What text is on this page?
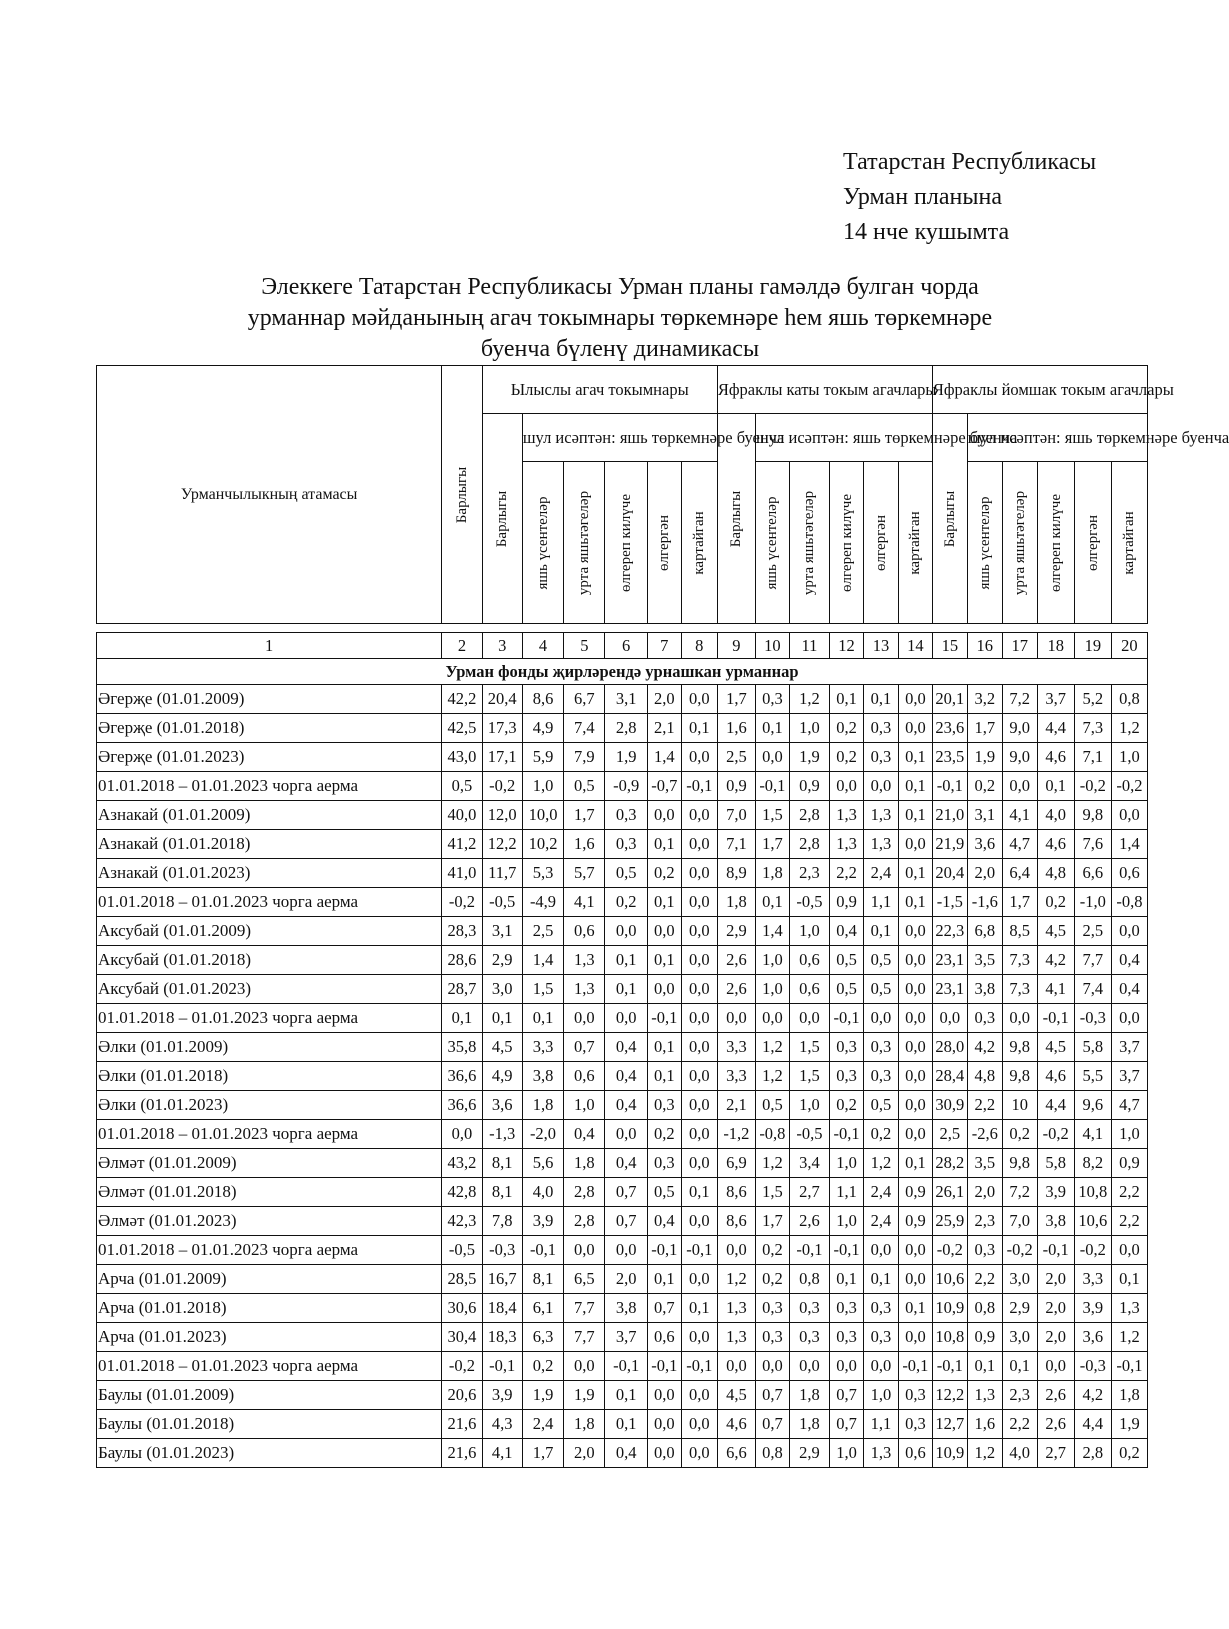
Татарстан Республикасы
Урман планына
14 нче кушымта
Элеккеге Татарстан Республикасы Урман планы гамәлдә булган чорда
урманнар мәйданының агач токымнары төркемнәре һем яшь төркемнәре
буенча бүленү динамикасы
Урманчылыкның атамасы	Барлыгы	Ылыслы агач токымнары						Яфраклы каты токым агачлары						Яфраклы йомшак токым агачлары					

		Барлыгы	шул исәптән: яшь төркемнәре буенча					Барлыгы	шул исәптән: яшь төркемнәре буенча					Барлыгы	шул исәптән: яшь төркемнәре буенча				

			яшь үсентеләр	урта яшьтәгеләр	өлгереп килүче	өлгергән	картайган		яшь үсентеләр	урта яшьтәгеләр	өлгереп килүче	өлгергән	картайган		яшь үсентеләр	урта яшьтәгеләр	өлгереп килүче	өлгергән	картайган

1	2	3	4	5	6	7	8	9	10	11	12	13	14	15	16	17	18	19	20
Урман фонды җирләрендә урнашкан урманнар																			
Әгерҗе (01.01.2009)	42,2	20,4	8,6	6,7	3,1	2,0	0,0	1,7	0,3	1,2	0,1	0,1	0,0	20,1	3,2	7,2	3,7	5,2	0,8
Әгерҗе (01.01.2018)	42,5	17,3	4,9	7,4	2,8	2,1	0,1	1,6	0,1	1,0	0,2	0,3	0,0	23,6	1,7	9,0	4,4	7,3	1,2
Әгерҗе (01.01.2023)	43,0	17,1	5,9	7,9	1,9	1,4	0,0	2,5	0,0	1,9	0,2	0,3	0,1	23,5	1,9	9,0	4,6	7,1	1,0
01.01.2018 – 01.01.2023 чорга аерма	0,5	-0,2	1,0	0,5	-0,9	-0,7	-0,1	0,9	-0,1	0,9	0,0	0,0	0,1	-0,1	0,2	0,0	0,1	-0,2	-0,2
Азнакай (01.01.2009)	40,0	12,0	10,0	1,7	0,3	0,0	0,0	7,0	1,5	2,8	1,3	1,3	0,1	21,0	3,1	4,1	4,0	9,8	0,0
Азнакай (01.01.2018)	41,2	12,2	10,2	1,6	0,3	0,1	0,0	7,1	1,7	2,8	1,3	1,3	0,0	21,9	3,6	4,7	4,6	7,6	1,4
Азнакай (01.01.2023)	41,0	11,7	5,3	5,7	0,5	0,2	0,0	8,9	1,8	2,3	2,2	2,4	0,1	20,4	2,0	6,4	4,8	6,6	0,6
01.01.2018 – 01.01.2023 чорга аерма	-0,2	-0,5	-4,9	4,1	0,2	0,1	0,0	1,8	0,1	-0,5	0,9	1,1	0,1	-1,5	-1,6	1,7	0,2	-1,0	-0,8
Аксубай (01.01.2009)	28,3	3,1	2,5	0,6	0,0	0,0	0,0	2,9	1,4	1,0	0,4	0,1	0,0	22,3	6,8	8,5	4,5	2,5	0,0
Аксубай (01.01.2018)	28,6	2,9	1,4	1,3	0,1	0,1	0,0	2,6	1,0	0,6	0,5	0,5	0,0	23,1	3,5	7,3	4,2	7,7	0,4
Аксубай (01.01.2023)	28,7	3,0	1,5	1,3	0,1	0,0	0,0	2,6	1,0	0,6	0,5	0,5	0,0	23,1	3,8	7,3	4,1	7,4	0,4
01.01.2018 – 01.01.2023 чорга аерма	0,1	0,1	0,1	0,0	0,0	-0,1	0,0	0,0	0,0	0,0	-0,1	0,0	0,0	0,0	0,3	0,0	-0,1	-0,3	0,0
Әлки (01.01.2009)	35,8	4,5	3,3	0,7	0,4	0,1	0,0	3,3	1,2	1,5	0,3	0,3	0,0	28,0	4,2	9,8	4,5	5,8	3,7
Әлки (01.01.2018)	36,6	4,9	3,8	0,6	0,4	0,1	0,0	3,3	1,2	1,5	0,3	0,3	0,0	28,4	4,8	9,8	4,6	5,5	3,7
Әлки (01.01.2023)	36,6	3,6	1,8	1,0	0,4	0,3	0,0	2,1	0,5	1,0	0,2	0,5	0,0	30,9	2,2	10	4,4	9,6	4,7
01.01.2018 – 01.01.2023 чорга аерма	0,0	-1,3	-2,0	0,4	0,0	0,2	0,0	-1,2	-0,8	-0,5	-0,1	0,2	0,0	2,5	-2,6	0,2	-0,2	4,1	1,0
Әлмәт (01.01.2009)	43,2	8,1	5,6	1,8	0,4	0,3	0,0	6,9	1,2	3,4	1,0	1,2	0,1	28,2	3,5	9,8	5,8	8,2	0,9
Әлмәт (01.01.2018)	42,8	8,1	4,0	2,8	0,7	0,5	0,1	8,6	1,5	2,7	1,1	2,4	0,9	26,1	2,0	7,2	3,9	10,8	2,2
Әлмәт (01.01.2023)	42,3	7,8	3,9	2,8	0,7	0,4	0,0	8,6	1,7	2,6	1,0	2,4	0,9	25,9	2,3	7,0	3,8	10,6	2,2
01.01.2018 – 01.01.2023 чорга аерма	-0,5	-0,3	-0,1	0,0	0,0	-0,1	-0,1	0,0	0,2	-0,1	-0,1	0,0	0,0	-0,2	0,3	-0,2	-0,1	-0,2	0,0
Арча (01.01.2009)	28,5	16,7	8,1	6,5	2,0	0,1	0,0	1,2	0,2	0,8	0,1	0,1	0,0	10,6	2,2	3,0	2,0	3,3	0,1
Арча (01.01.2018)	30,6	18,4	6,1	7,7	3,8	0,7	0,1	1,3	0,3	0,3	0,3	0,3	0,1	10,9	0,8	2,9	2,0	3,9	1,3
Арча (01.01.2023)	30,4	18,3	6,3	7,7	3,7	0,6	0,0	1,3	0,3	0,3	0,3	0,3	0,0	10,8	0,9	3,0	2,0	3,6	1,2
01.01.2018 – 01.01.2023 чорга аерма	-0,2	-0,1	0,2	0,0	-0,1	-0,1	-0,1	0,0	0,0	0,0	0,0	0,0	-0,1	-0,1	0,1	0,1	0,0	-0,3	-0,1
Баулы (01.01.2009)	20,6	3,9	1,9	1,9	0,1	0,0	0,0	4,5	0,7	1,8	0,7	1,0	0,3	12,2	1,3	2,3	2,6	4,2	1,8
Баулы (01.01.2018)	21,6	4,3	2,4	1,8	0,1	0,0	0,0	4,6	0,7	1,8	0,7	1,1	0,3	12,7	1,6	2,2	2,6	4,4	1,9
Баулы (01.01.2023)	21,6	4,1	1,7	2,0	0,4	0,0	0,0	6,6	0,8	2,9	1,0	1,3	0,6	10,9	1,2	4,0	2,7	2,8	0,2
